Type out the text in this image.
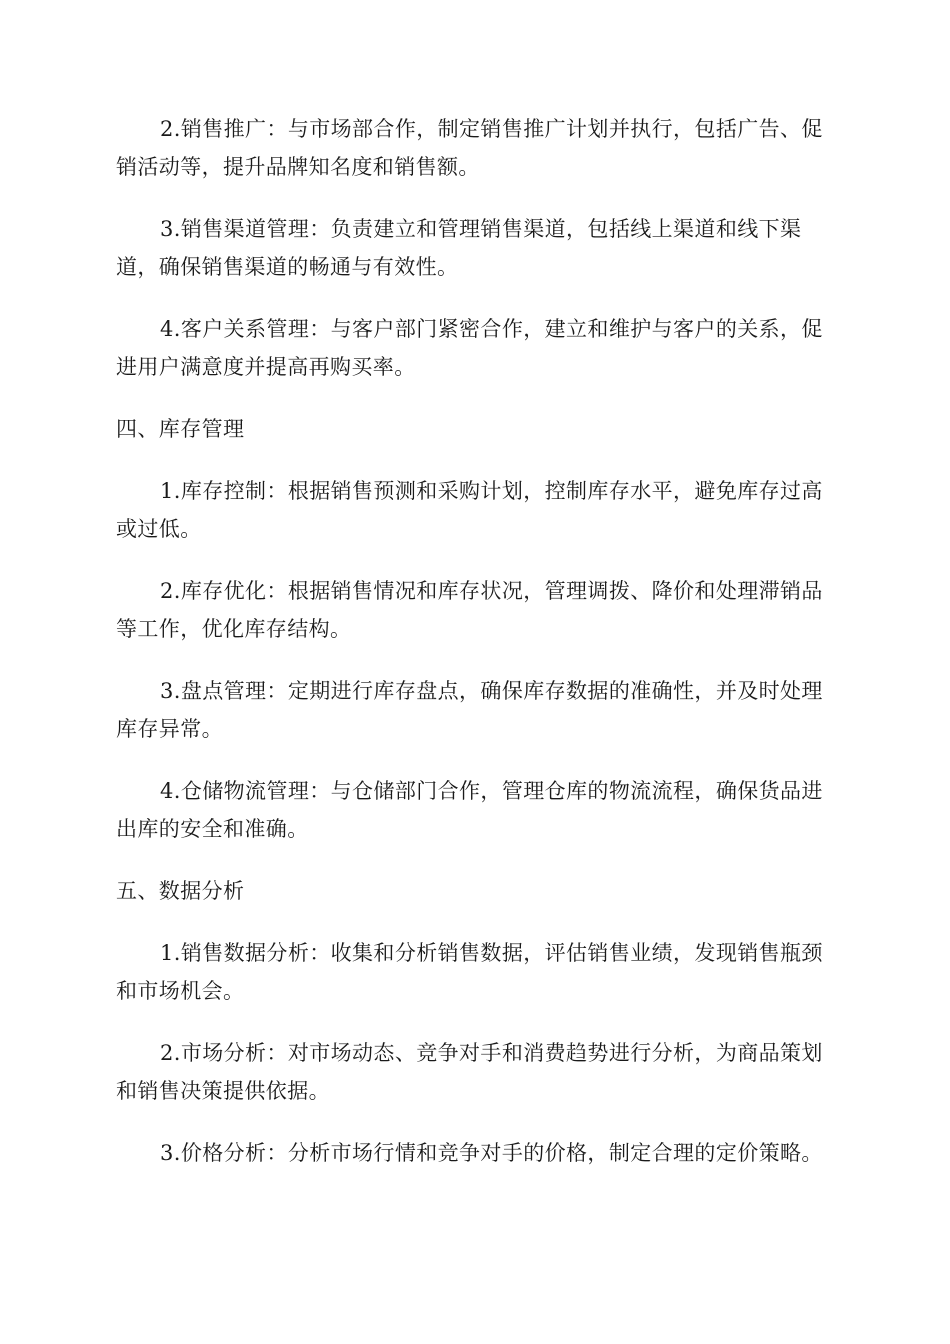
2.销售推广：与市场部合作，制定销售推广计划并执行，包括广告、促销活动等，提升品牌知名度和销售额。

3.销售渠道管理：负责建立和管理销售渠道，包括线上渠道和线下渠道，确保销售渠道的畅通与有效性。

4.客户关系管理：与客户部门紧密合作，建立和维护与客户的关系，促进用户满意度并提高再购买率。

四、库存管理

1.库存控制：根据销售预测和采购计划，控制库存水平，避免库存过高或过低。

2.库存优化：根据销售情况和库存状况，管理调拨、降价和处理滞销品等工作，优化库存结构。

3.盘点管理：定期进行库存盘点，确保库存数据的准确性，并及时处理库存异常。

4.仓储物流管理：与仓储部门合作，管理仓库的物流流程，确保货品进出库的安全和准确。

五、数据分析

1.销售数据分析：收集和分析销售数据，评估销售业绩，发现销售瓶颈和市场机会。

2.市场分析：对市场动态、竞争对手和消费趋势进行分析，为商品策划和销售决策提供依据。

3.价格分析：分析市场行情和竞争对手的价格，制定合理的定价策略。
